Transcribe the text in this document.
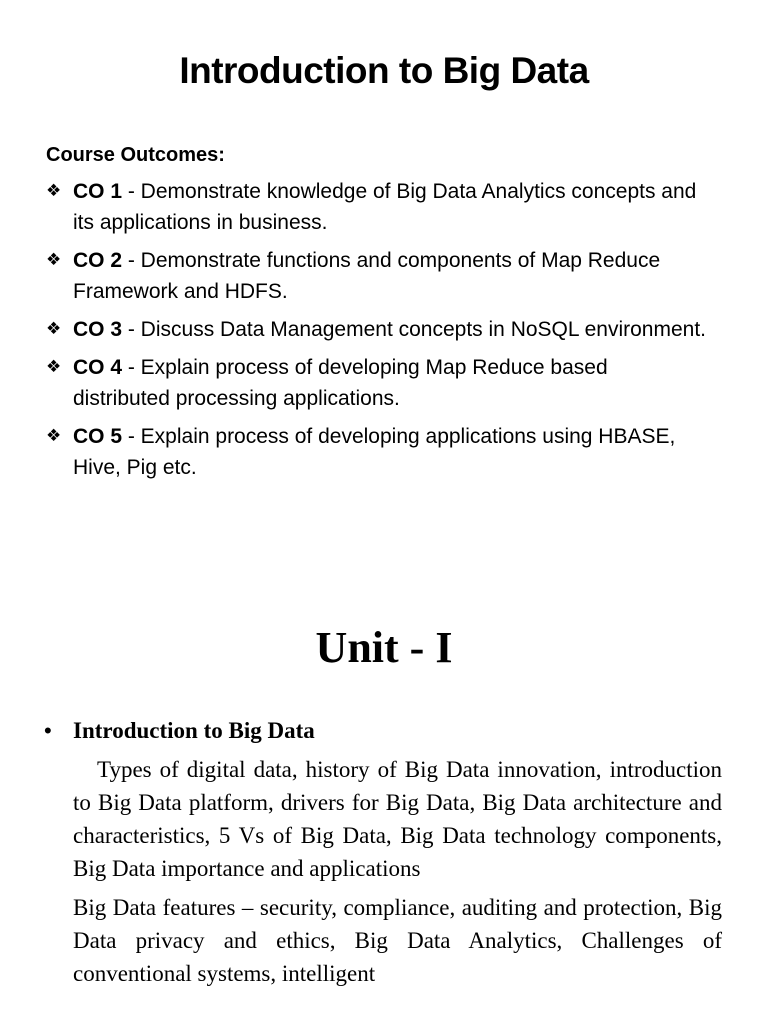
Introduction to Big Data
Course Outcomes:
❖ CO 1 - Demonstrate knowledge of Big Data Analytics concepts and its applications in business.
❖ CO 2 - Demonstrate functions and components of Map Reduce Framework and HDFS.
❖ CO 3 - Discuss Data Management concepts in NoSQL environment.
❖ CO 4 - Explain process of developing Map Reduce based distributed processing applications.
❖ CO 5 - Explain process of developing applications using HBASE, Hive, Pig etc.
Unit - I
• Introduction to Big Data

Types of digital data, history of Big Data innovation, introduction to Big Data platform, drivers for Big Data, Big Data architecture and characteristics, 5 Vs of Big Data, Big Data technology components, Big Data importance and applications

Big Data features – security, compliance, auditing and protection, Big Data privacy and ethics, Big Data Analytics, Challenges of conventional systems, intelligent
